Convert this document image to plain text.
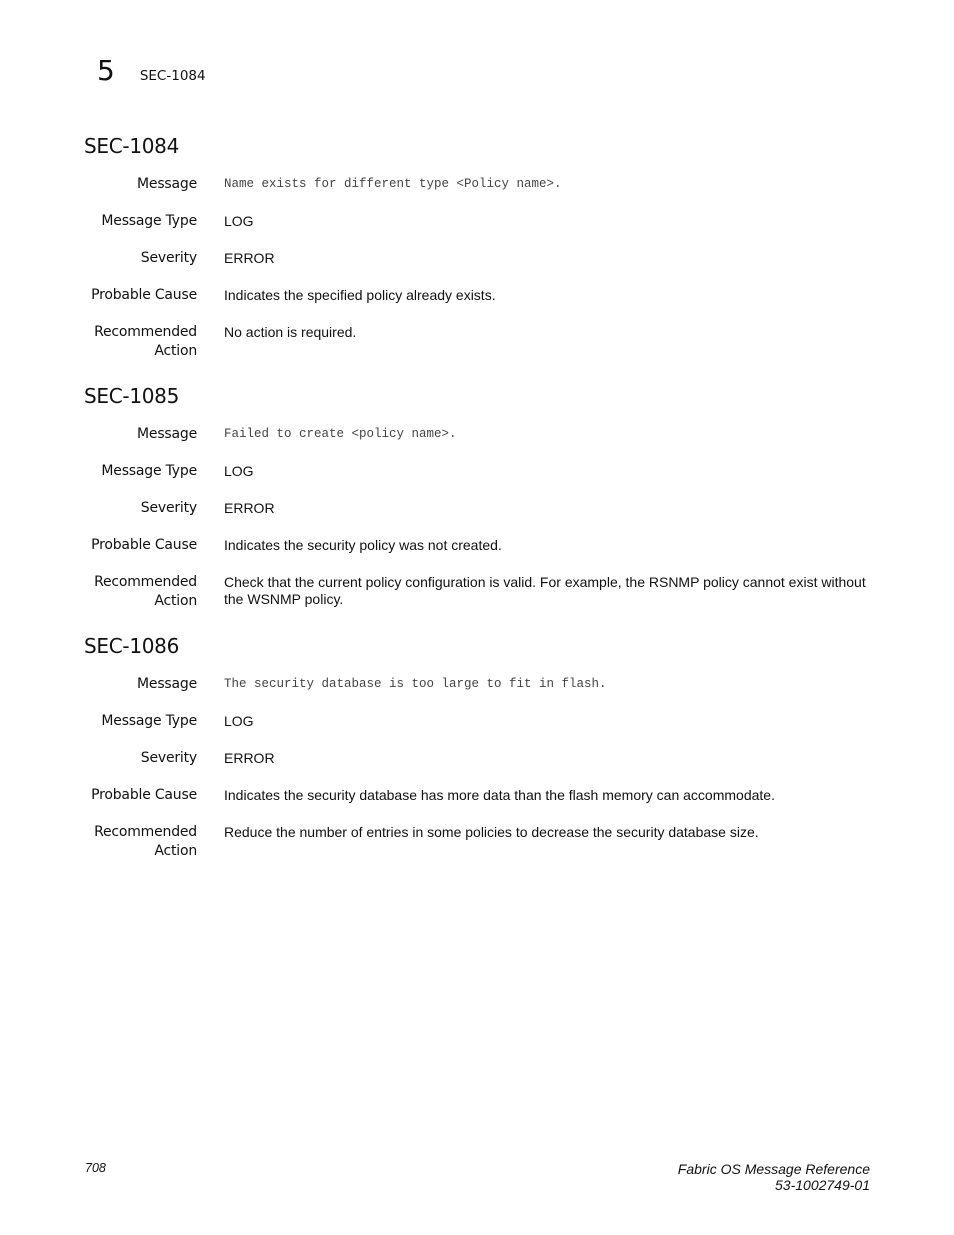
5 SEC-1084
SEC-1084
Message Name exists for different type <Policy name>.
Message Type LOG
Severity ERROR
Probable Cause Indicates the specified policy already exists.
Recommended
Action
No action is required.
SEC-1085
Message Failed to create <policy name>.
Message Type LOG
Severity ERROR
Probable Cause Indicates the security policy was not created.
Recommended
Action
Check that the current policy configuration is valid. For example, the RSNMP policy cannot exist without the WSNMP policy.
SEC-1086
Message The security database is too large to fit in flash.
Message Type LOG
Severity ERROR
Probable Cause Indicates the security database has more data than the flash memory can accommodate.
Recommended
Action
Reduce the number of entries in some policies to decrease the security database size.
708	Fabric OS Message Reference
53-1002749-01
